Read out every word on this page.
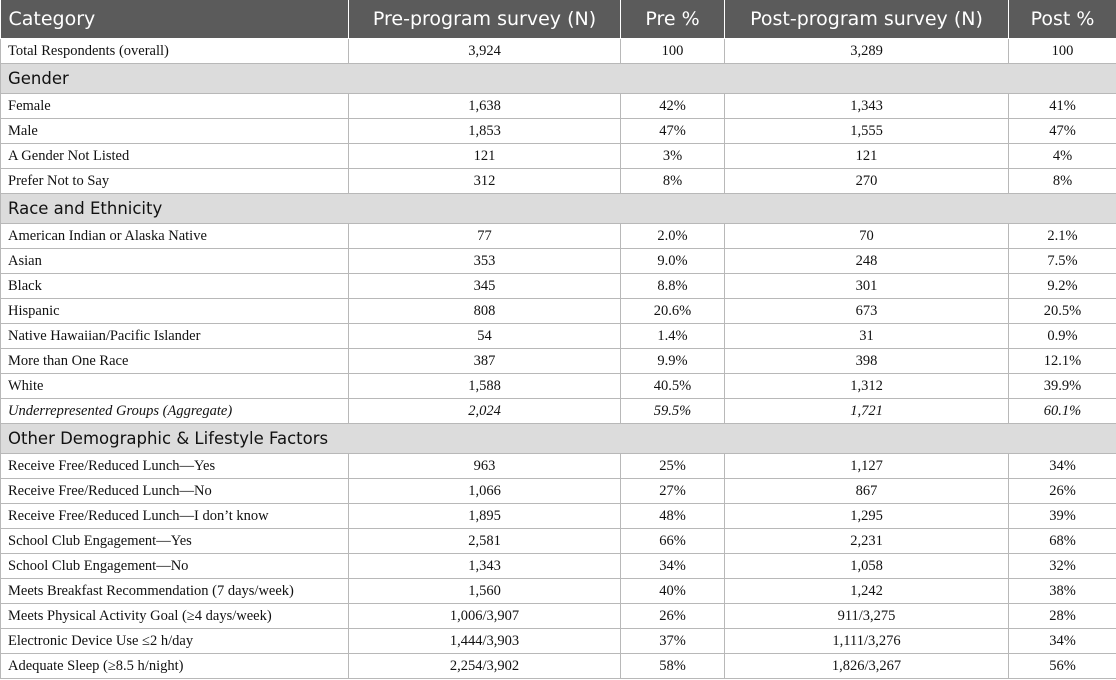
Category	Pre-program survey (N)	Pre %	Post-program survey (N)	Post %
Total Respondents (overall)	3,924	100	3,289	100
Gender				
Female	1,638	42%	1,343	41%
Male	1,853	47%	1,555	47%
A Gender Not Listed	121	3%	121	4%
Prefer Not to Say	312	8%	270	8%
Race and Ethnicity				
American Indian or Alaska Native	77	2.0%	70	2.1%
Asian	353	9.0%	248	7.5%
Black	345	8.8%	301	9.2%
Hispanic	808	20.6%	673	20.5%
Native Hawaiian/Pacific Islander	54	1.4%	31	0.9%
More than One Race	387	9.9%	398	12.1%
White	1,588	40.5%	1,312	39.9%
Underrepresented Groups (Aggregate)	2,024	59.5%	1,721	60.1%
Other Demographic & Lifestyle Factors				
Receive Free/Reduced Lunch—Yes	963	25%	1,127	34%
Receive Free/Reduced Lunch—No	1,066	27%	867	26%
Receive Free/Reduced Lunch—I don’t know	1,895	48%	1,295	39%
School Club Engagement—Yes	2,581	66%	2,231	68%
School Club Engagement—No	1,343	34%	1,058	32%
Meets Breakfast Recommendation (7 days/week)	1,560	40%	1,242	38%
Meets Physical Activity Goal (≥4 days/week)	1,006/3,907	26%	911/3,275	28%
Electronic Device Use ≤2 h/day	1,444/3,903	37%	1,111/3,276	34%
Adequate Sleep (≥8.5 h/night)	2,254/3,902	58%	1,826/3,267	56%
